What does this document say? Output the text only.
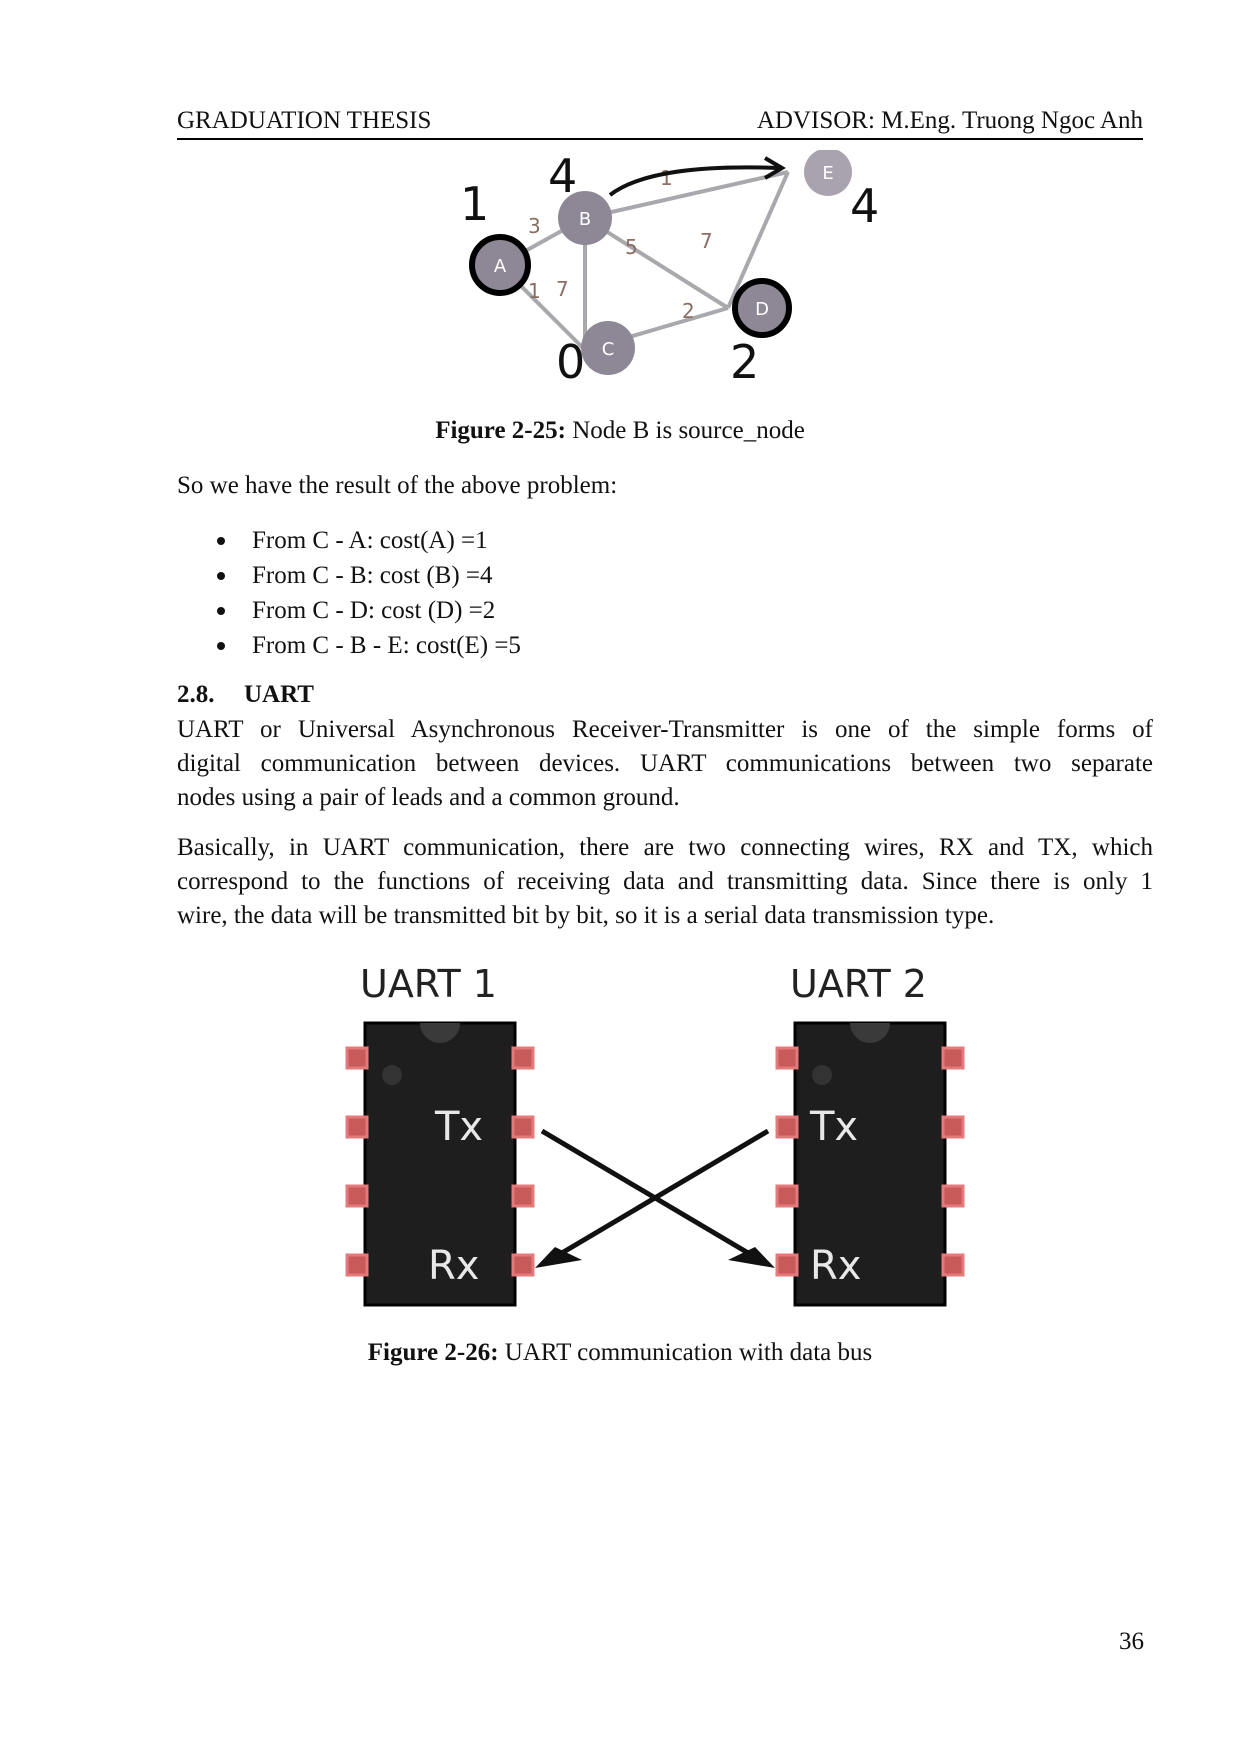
GRADUATION THESIS	ADVISOR: M.Eng. Truong Ngoc Anh
3
1 7
5
1
2
7
A
B
C
D
E
1
4
0	2
4
Figure 2-25: Node B is source_node
So we have the result of the above problem:
From C - A: cost(A) =1
From C - B: cost (B) =4
From C - D: cost (D) =2
From C - B - E: cost(E) =5
2.8. UART
UART or Universal Asynchronous Receiver-Transmitter is one of the simple forms of
digital communication between devices. UART communications between two separate
nodes using a pair of leads and a common ground.
Basically, in UART communication, there are two connecting wires, RX and TX, which
correspond to the functions of receiving data and transmitting data. Since there is only 1
wire, the data will be transmitted bit by bit, so it is a serial data transmission type.
UART 1	UART 2
Tx
Rx
Tx
Rx
Figure 2-26: UART communication with data bus
36
